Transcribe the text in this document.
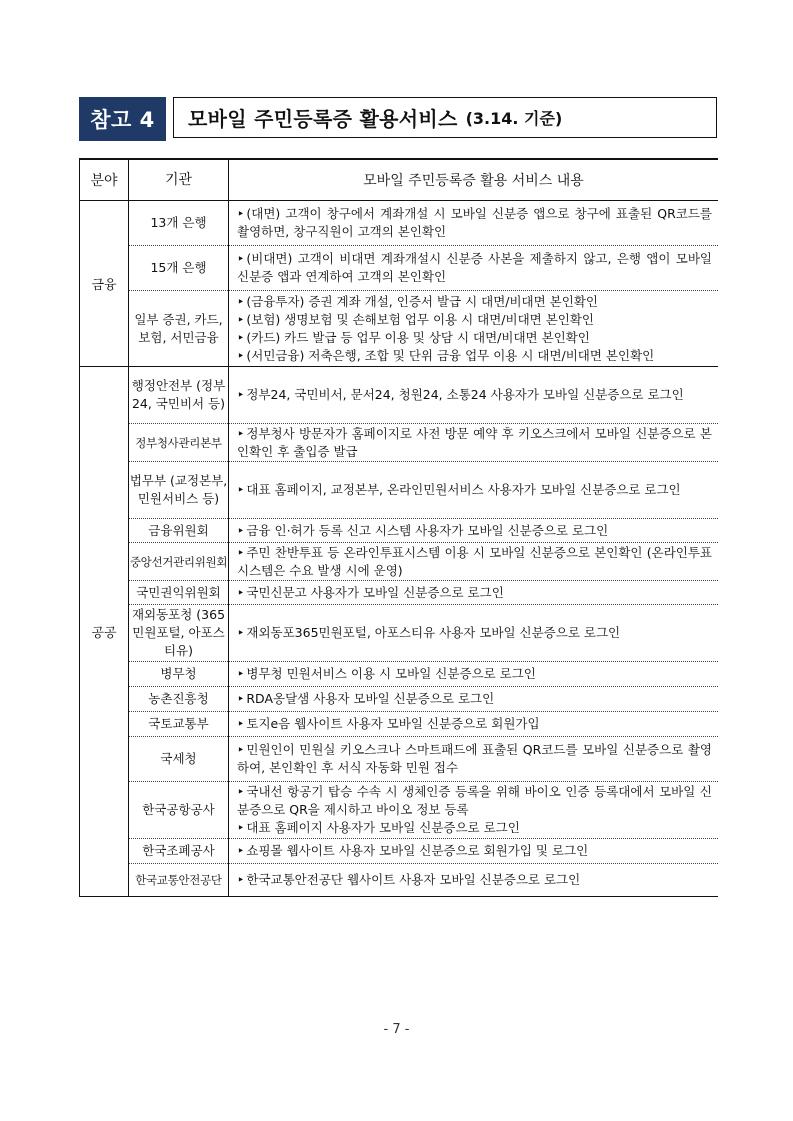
참고 4	모바일 주민등록증 활용서비스 (3.14. 기준)
분야	기관	모바일 주민등록증 활용 서비스 내용
금융	13개 은행	‣ (대면) 고객이 창구에서 계좌개설 시 모바일 신분증 앱으로 창구에 표출된 QR코드를 촬영하면, 창구직원이 고객의 본인확인

	15개 은행	‣ (비대면) 고객이 비대면 계좌개설시 신분증 사본을 제출하지 않고, 은행 앱이 모바일 신분증 앱과 연계하여 고객의 본인확인

	일부 증권, 카드, 보험, 서민금융	‣ (금융투자) 증권 계좌 개설, 인증서 발급 시 대면/비대면 본인확인
‣ (보험) 생명보험 및 손해보험 업무 이용 시 대면/비대면 본인확인
‣ (카드) 카드 발급 등 업무 이용 및 상담 시 대면/비대면 본인확인
‣ (서민금융) 저축은행, 조합 및 단위 금융 업무 이용 시 대면/비대면 본인확인

공공	행정안전부 (정부24, 국민비서 등)	‣ 정부24, 국민비서, 문서24, 청원24, 소통24 사용자가 모바일 신분증으로 로그인

	정부청사관리본부	‣ 정부청사 방문자가 홈페이지로 사전 방문 예약 후 키오스크에서 모바일 신분증으로 본인확인 후 출입증 발급

	법무부 (교정본부, 민원서비스 등)	‣ 대표 홈페이지, 교정본부, 온라인민원서비스 사용자가 모바일 신분증으로 로그인

	금융위원회	‣ 금융 인·허가 등록 신고 시스템 사용자가 모바일 신분증으로 로그인

	중앙선거관리위원회	‣ 주민 찬반투표 등 온라인투표시스템 이용 시 모바일 신분증으로 본인확인 (온라인투표시스템은 수요 발생 시에 운영)

	국민권익위원회	‣ 국민신문고 사용자가 모바일 신분증으로 로그인

	재외동포청 (365민원포털, 아포스티유)	‣ 재외동포365민원포털, 아포스티유 사용자 모바일 신분증으로 로그인

	병무청	‣ 병무청 민원서비스 이용 시 모바일 신분증으로 로그인

	농촌진흥청	‣ RDA옹달샘 사용자 모바일 신분증으로 로그인

	국토교통부	‣ 토지e음 웹사이트 사용자 모바일 신분증으로 회원가입

	국세청	‣ 민원인이 민원실 키오스크나 스마트패드에 표출된 QR코드를 모바일 신분증으로 촬영하여, 본인확인 후 서식 자동화 민원 접수

	한국공항공사	‣ 국내선 항공기 탑승 수속 시 생체인증 등록을 위해 바이오 인증 등록대에서 모바일 신분증으로 QR을 제시하고 바이오 정보 등록
‣ 대표 홈페이지 사용자가 모바일 신분증으로 로그인

	한국조폐공사	‣ 쇼핑몰 웹사이트 사용자 모바일 신분증으로 회원가입 및 로그인

	한국교통안전공단	‣ 한국교통안전공단 웹사이트 사용자 모바일 신분증으로 로그인
- 7 -
